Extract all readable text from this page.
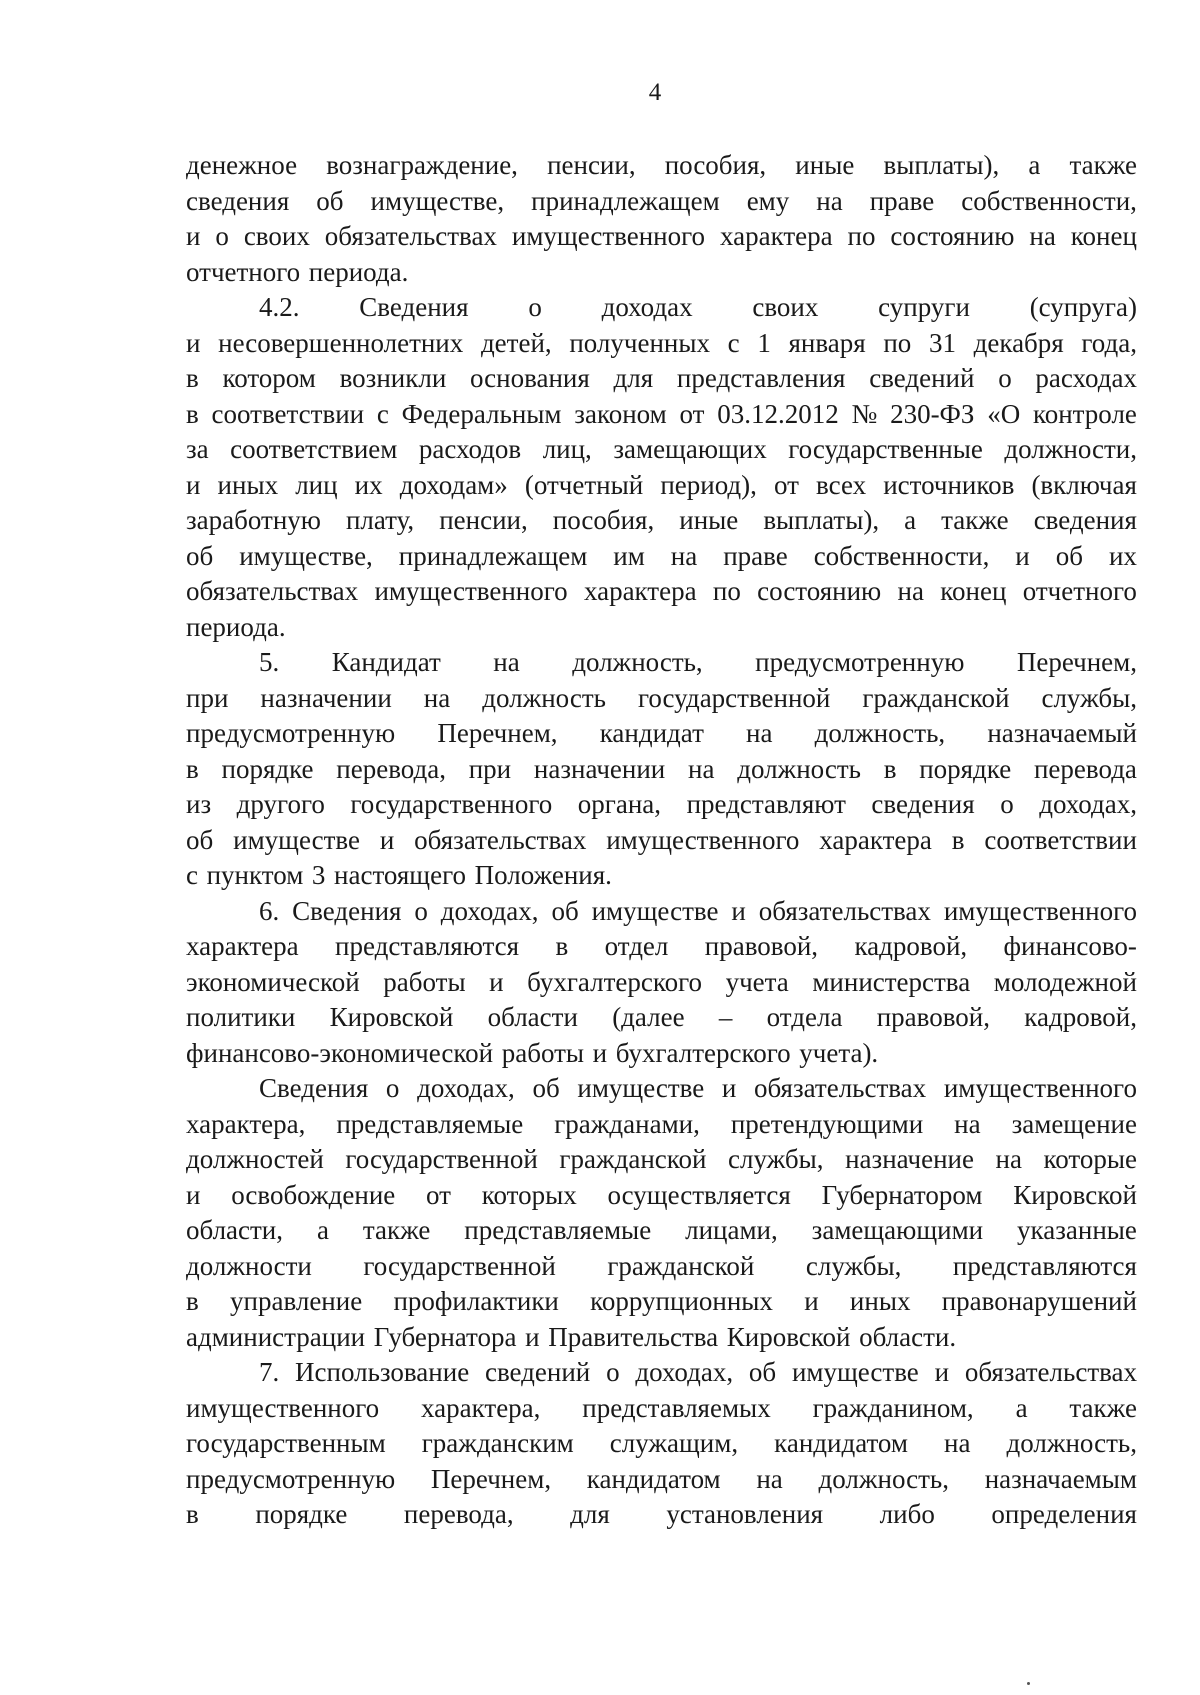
4
денежное вознаграждение, пенсии, пособия, иные выплаты), а также
сведения об имуществе, принадлежащем ему на праве собственности,
и о своих обязательствах имущественного характера по состоянию на конец
отчетного периода.
4.2. Сведения о доходах своих супруги (супруга)
и несовершеннолетних детей, полученных с 1 января по 31 декабря года,
в котором возникли основания для представления сведений о расходах
в соответствии с Федеральным законом от 03.12.2012 № 230-ФЗ «О контроле
за соответствием расходов лиц, замещающих государственные должности,
и иных лиц их доходам» (отчетный период), от всех источников (включая
заработную плату, пенсии, пособия, иные выплаты), а также сведения
об имуществе, принадлежащем им на праве собственности, и об их
обязательствах имущественного характера по состоянию на конец отчетного
периода.
5. Кандидат на должность, предусмотренную Перечнем,
при назначении на должность государственной гражданской службы,
предусмотренную Перечнем, кандидат на должность, назначаемый
в порядке перевода, при назначении на должность в порядке перевода
из другого государственного органа, представляют сведения о доходах,
об имуществе и обязательствах имущественного характера в соответствии
с пунктом 3 настоящего Положения.
6. Сведения о доходах, об имуществе и обязательствах имущественного
характера представляются в отдел правовой, кадровой, финансово-
экономической работы и бухгалтерского учета министерства молодежной
политики Кировской области (далее – отдела правовой, кадровой,
финансово-экономической работы и бухгалтерского учета).
Сведения о доходах, об имуществе и обязательствах имущественного
характера, представляемые гражданами, претендующими на замещение
должностей государственной гражданской службы, назначение на которые
и освобождение от которых осуществляется Губернатором Кировской
области, а также представляемые лицами, замещающими указанные
должности государственной гражданской службы, представляются
в управление профилактики коррупционных и иных правонарушений
администрации Губернатора и Правительства Кировской области.
7. Использование сведений о доходах, об имуществе и обязательствах
имущественного характера, представляемых гражданином, а также
государственным гражданским служащим, кандидатом на должность,
предусмотренную Перечнем, кандидатом на должность, назначаемым
в порядке перевода, для установления либо определения
